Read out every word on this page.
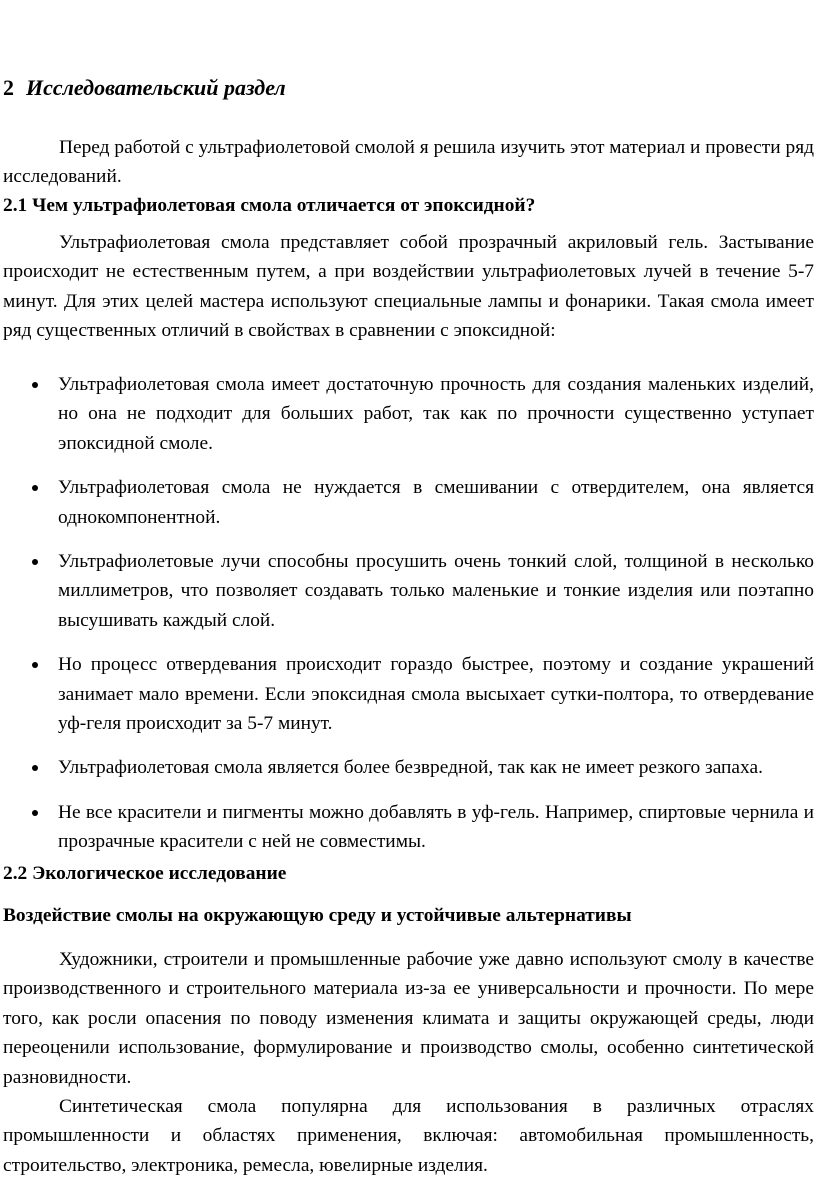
2 Исследовательский раздел

Перед работой с ультрафиолетовой смолой я решила изучить этот материал и провести ряд исследований.

2.1 Чем ультрафиолетовая смола отличается от эпоксидной?

Ультрафиолетовая смола представляет собой прозрачный акриловый гель. Застывание происходит не естественным путем, а при воздействии ультрафиолетовых лучей в течение 5-7 минут. Для этих целей мастера используют специальные лампы и фонарики. Такая смола имеет ряд существенных отличий в свойствах в сравнении с эпоксидной:

Ультрафиолетовая смола имеет достаточную прочность для создания маленьких изделий, но она не подходит для больших работ, так как по прочности существенно уступает эпоксидной смоле.
Ультрафиолетовая смола не нуждается в смешивании с отвердителем, она является однокомпонентной.
Ультрафиолетовые лучи способны просушить очень тонкий слой, толщиной в несколько миллиметров, что позволяет создавать только маленькие и тонкие изделия или поэтапно высушивать каждый слой.
Но процесс отвердевания происходит гораздо быстрее, поэтому и создание украшений занимает мало времени. Если эпоксидная смола высыхает сутки-полтора, то отвердевание уф-геля происходит за 5-7 минут.
Ультрафиолетовая смола является более безвредной, так как не имеет резкого запаха.
Не все красители и пигменты можно добавлять в уф-гель. Например, спиртовые чернила и прозрачные красители с ней не совместимы.

2.2 Экологическое исследование

Воздействие смолы на окружающую среду и устойчивые альтернативы

Художники, строители и промышленные рабочие уже давно используют смолу в качестве производственного и строительного материала из-за ее универсальности и прочности. По мере того, как росли опасения по поводу изменения климата и защиты окружающей среды, люди переоценили использование, формулирование и производство смолы, особенно синтетической разновидности.

Синтетическая смола популярна для использования в различных отраслях промышленности и областях применения, включая: автомобильная промышленность, строительство, электроника, ремесла, ювелирные изделия.
